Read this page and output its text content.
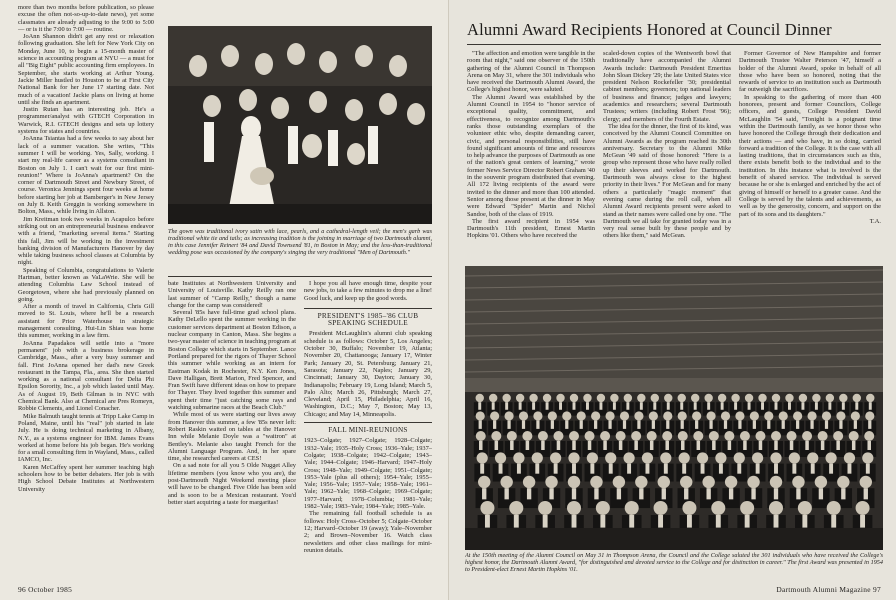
more than two months before publication, so please excuse the often not-so-up-to-date news), yet some classmates are already adjusting to the 9:00 to 5:00 — or is it the 7:00 to 7:00 — routine.

JoAnn Shannon didn't get any rest or relaxation following graduation. She left for New York City on Monday, June 10, to begin a 15-month master of science in accounting program at NYU — a must for all "Big Eight" public accounting firm employees. In September, she starts working at Arthur Young. Jackie Miller hustled to Houston to be at First City National Bank for her June 17 starting date. Not much of a vacation! Jackie plans on living at home until she finds an apartment.

Justin Rutan has an interesting job. He's a programmer/analyst with GTECH Corporation in Warwick, R.I. GTECH designs and sets up lottery systems for states and countries.

JoAnna Tsiantas had a few weeks to say about her lack of a summer vacation. She writes, "This summer I will be working. Yes, Sally, working. I start my real-life career as a systems consultant in Boston on July 1. I can't wait for our first mini-reunion!" Where is JoAnna's apartment? On the corner of Dartmouth Street and Newbury Street, of course. Veronica Jennings spent four weeks at home before starting her job at Bamberger's in New Jersey on July 8. Keith Greggin is working somewhere in Bolton, Mass., while living in Allston.

Jim Kreitman took two weeks in Acapulco before striking out on an entrepreneurial business endeavor with a friend, "marketing several items." Starting this fall, Jim will be working in the investment banking division of Manufacturers Hanover by day while taking business school classes at Columbia by night.

Speaking of Columbia, congratulations to Valerie Hartman, better known as VaLaWrie. She will be attending Columbia Law School instead of Georgetown, where she had previously planned on going.

After a month of travel in California, Chris Gill moved to St. Louis, where he'll be a research assistant for Price Waterhouse in strategic management consulting. Hui-Lin Shiau was home this summer, working in a law firm.

JoAnna Papadakos will settle into a "more permanent" job with a business brokerage in Cambridge, Mass., after a very busy summer and fall. First JoAnna opened her dad's new Greek restaurant in the Tampa, Fla., area. She then started working as a national consultant for Delta Phi Epsilon Sorority, Inc., a job which lasted until May. As of August 19, Beth Gilman is in NYC with Chemical Bank. Also at Chemical are Pres Romeyn, Robbie Clements, and Lionel Conacher.

Mike Balmuth taught tennis at Tripp Lake Camp in Poland, Maine, until his "real" job started in late July. He is doing technical marketing in Albany, N.Y., as a systems engineer for IBM. James Evans worked at home before his job began. He's working for a small consulting firm in Wayland, Mass., called IAMCO, Inc.

Karen McCaffey spent her summer teaching high schoolers how to be better debaters. Her job is with High School Debate Institutes at Northwestern University

The gown was traditional ivory satin with lace, pearls, and a cathedral-length veil; the men's garb was traditional white tie and tails; as increasing tradition is the joining in marriage of two Dartmouth alumni, in this case Jennifer Reinert '84 and David Townsend '81, in Boston in May; and the less-than-traditional wedding pose was occasioned by the company's singing the very traditional "Men of Dartmouth."

bate Institutes at Northwestern University and University of Louisville. Kathy Reilly ran one last summer of "Camp Reilly," though a name change for the camp was considered!

Several '85s have full-time grad school plans. Kathy DeLello spent the summer working in the customer services department at Boston Edison, a nuclear company in Canton, Mass. She begins a two-year master of science in teaching program at Boston College which starts in September. Lance Portland prepared for the rigors of Thayer School this summer while working as an intern for Eastman Kodak in Rochester, N.Y. Ken Jones, Dave Halligan, Brett Marion, Fred Spencer, and Fran Swift have different ideas on how to prepare for Thayer. They lived together this summer and spent their time "just catching some rays and watching submarine races at the Beach Club."

While most of us were starting our lives away from Hanover this summer, a few '85s never left: Robert Raskin waited on tables at the Hanover Inn while Melanie Doyle was a "waitron" at Bentley's. Melanie also taught French for the Alumni Language Program. And, in her spare time, she researched careers at CES!

On a sad note for all you 5 Olde Nugget Alley lifetime members (you know who you are), the post-Dartmouth Night Weekend meeting place will have to be changed. Five Olde has been sold and is soon to be a Mexican restaurant. You'd better start acquiring a taste for margaritas!

I hope you all have enough time, despite your new jobs, to take a few minutes to drop me a line! Good luck, and keep up the good words.

PRESIDENT'S 1985–'86 CLUB SPEAKING SCHEDULE

President McLaughlin's alumni club speaking schedule is as follows: October 5, Los Angeles; October 30, Buffalo; November 19, Atlanta; November 20, Chattanooga; January 17, Winter Park; January 20, St. Petersburg; January 21, Sarasota; January 22, Naples; January 29, Cincinnati; January 30, Dayton; January 30, Indianapolis; February 19, Long Island; March 5, Palo Alto; March 26, Pittsburgh; March 27, Cleveland; April 15, Philadelphia; April 16, Washington, D.C.; May 7, Boston; May 13, Chicago; and May 14, Minneapolis.

FALL MINI-REUNIONS

1923–Colgate; 1927–Colgate; 1928–Colgate; 1932–Yale; 1935–Holy Cross; 1936–Yale; 1937–Colgate; 1938–Colgate; 1942–Colgate; 1943–Yale; 1944–Colgate; 1946–Harvard; 1947–Holy Cross; 1948–Yale; 1949–Colgate; 1951–Colgate; 1953–Yale (plus all others); 1954–Yale; 1955–Yale; 1956–Yale; 1957–Yale; 1958–Yale; 1961–Yale; 1962–Yale; 1968–Colgate; 1969–Colgate; 1977–Harvard; 1978–Columbia; 1981–Yale; 1982–Yale; 1983–Yale; 1984–Yale; 1985–Yale.

The remaining fall football schedule is as follows: Holy Cross–October 5; Colgate–October 12; Harvard–October 19 (away); Yale–November 2; and Brown–November 16. Watch class newsletters and other class mailings for mini-reunion details.

96 October 1985
Alumni Award Recipients Honored at Council Dinner

"The affection and emotion were tangible in the room that night," said one observer of the 150th gathering of the Alumni Council in Thompson Arena on May 31, where the 301 individuals who have received the Dartmouth Alumni Award, the College's highest honor, were saluted.

The Alumni Award was established by the Alumni Council in 1954 to "honor service of exceptional quality, commitment, and effectiveness, to recognize among Dartmouth's ranks those outstanding exemplars of the volunteer ethic who, despite demanding career, civic, and personal responsibilities, still have found significant amounts of time and resources to help advance the purposes of Dartmouth as one of the nation's great centers of learning," wrote former News Service Director Robert Graham '40 in the souvenir program distributed that evening. All 172 living recipients of the award were invited to the dinner and more than 100 attended. Senior among those present at the dinner in May were Edward "Spider" Martin and Nichol Sandoe, both of the class of 1919.

The first award recipient in 1954 was Dartmouth's 11th president, Ernest Martin Hopkins '01. Others who have received the

scaled-down copies of the Wentworth bowl that traditionally have accompanied the Alumni Awards include: Dartmouth President Emeritus John Sloan Dickey '29; the late United States vice president Nelson Rockefeller '30; presidential cabinet members; governors; top national leaders of business and finance; judges and lawyers; academics and researchers; several Dartmouth Trustees; writers (including Robert Frost '96); clergy; and members of the Fourth Estate.

The idea for the dinner, the first of its kind, was conceived by the Alumni Council Committee on Alumni Awards as the program reached its 30th anniversary. Secretary to the Alumni Mike McGean '49 said of those honored: "Here is a group who represent those who have really rolled up their sleeves and worked for Dartmouth. Dartmouth was always close to the highest priority in their lives." For McGean and for many others a particularly "magic moment" that evening came during the roll call, when all Alumni Award recipients present were asked to stand as their names were called one by one. "The Dartmouth we all take for granted today was in a very real sense built by these people and by others like them," said McGean.

Former Governor of New Hampshire and former Dartmouth Trustee Walter Peterson '47, himself a holder of the Alumni Award, spoke in behalf of all those who have been so honored, noting that the rewards of service to an institution such as Dartmouth far outweigh the sacrifices.

In speaking to the gathering of more than 400 honorees, present and former Councilors, College officers, and guests, College President David McLaughlin '54 said, "Tonight is a poignant time within the Dartmouth family, as we honor those who have honored the College through their dedication and their actions — and who have, in so doing, carried forward a tradition of the College. It is the case with all lasting traditions, that in circumstances such as this, there exists benefit both to the individual and to the institution. In this instance what is involved is the benefit of shared service. The individual is served because he or she is enlarged and enriched by the act of giving of himself or herself to a greater cause. And the College is served by the talents and achievements, as well as by the generosity, concern, and support on the part of its sons and its daughters."

T.A.
At the 150th meeting of the Alumni Council on May 31 in Thompson Arena, the Council and the College saluted the 301 individuals who have received the College's highest honor, the Dartmouth Alumni Award, "for distinguished and devoted service to the College and for distinction in career." The first Award was presented in 1954 to President-elect Ernest Martin Hopkins '01.
Dartmouth Alumni Magazine 97
